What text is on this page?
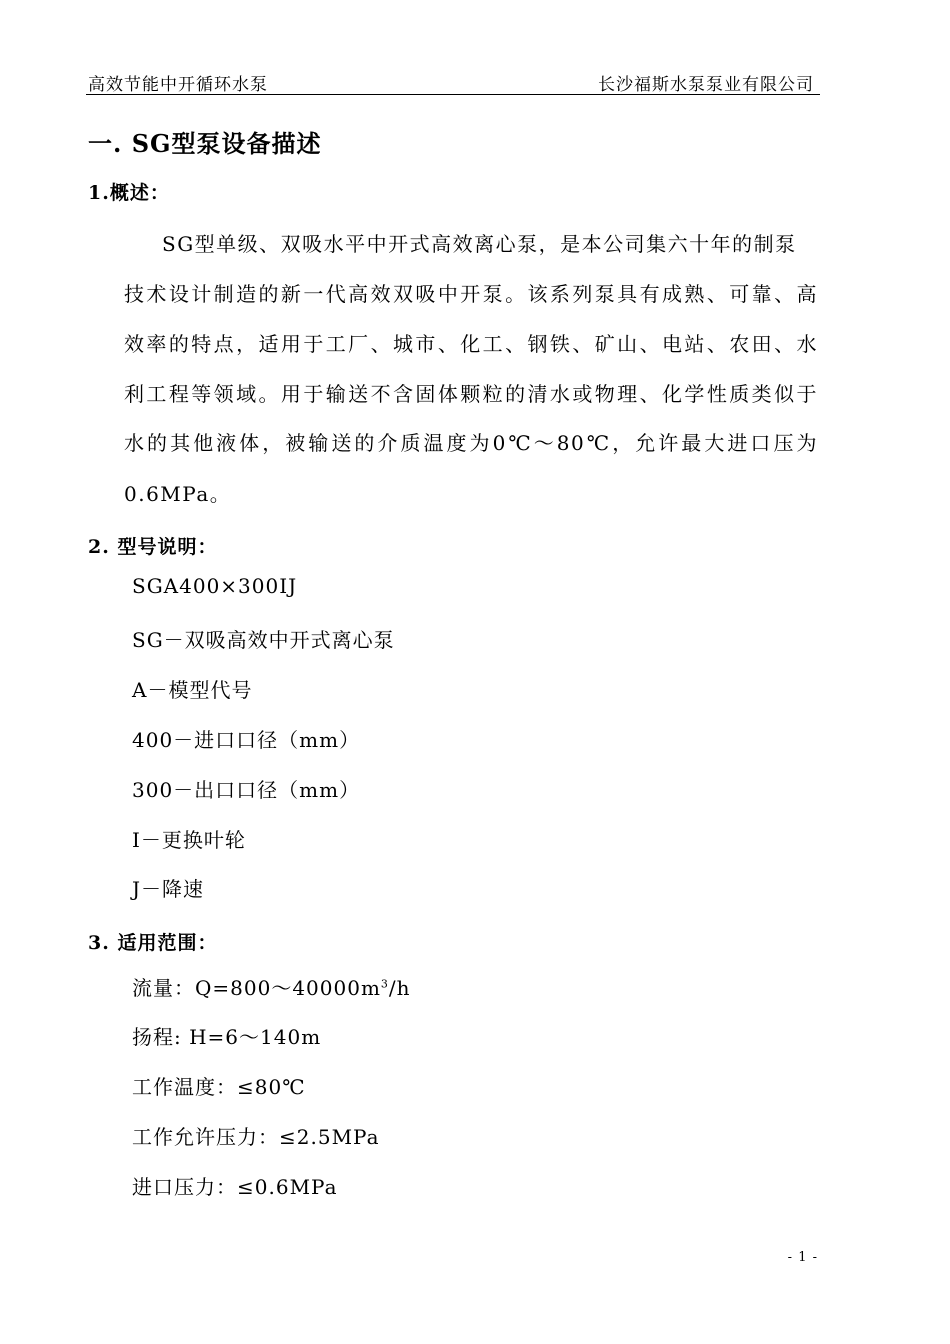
高效节能中开循环水泵	长沙福斯水泵泵业有限公司
一. SG型泵设备描述
1.概述：
SG型单级、双吸水平中开式高效离心泵，是本公司集六十年的制泵
技术设计制造的新一代高效双吸中开泵。该系列泵具有成熟、可靠、高
效率的特点，适用于工厂、城市、化工、钢铁、矿山、电站、农田、水
利工程等领域。用于输送不含固体颗粒的清水或物理、化学性质类似于
水的其他液体，被输送的介质温度为0℃～80℃，允许最大进口压为
0.6MPa。
2. 型号说明：
SGA400×300IJ
SG－双吸高效中开式离心泵
A－模型代号
400－进口口径（mm）
300－出口口径（mm）
I－更换叶轮
J－降速
3. 适用范围：
流量：$Q=800\sim 40000m^3/h$
扬程: H=6～140m
工作温度：≤80℃
工作允许压力：≤2.5MPa
进口压力：≤0.6MPa
- 1 -
